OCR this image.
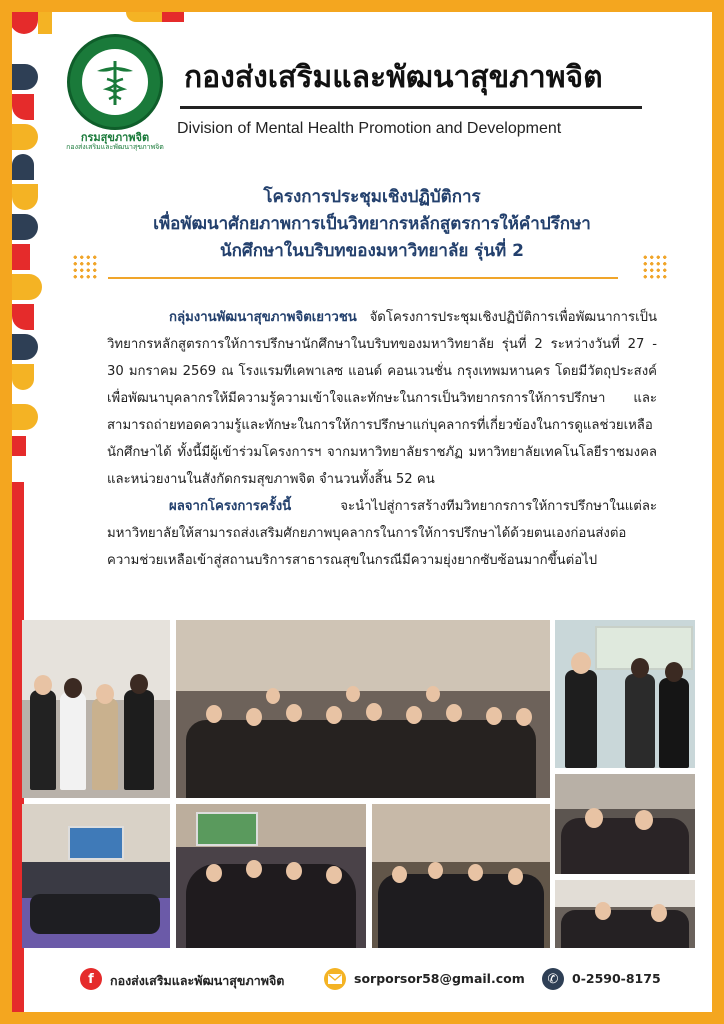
กรมสุขภาพจิต
กองส่งเสริมและพัฒนาสุขภาพจิต
กองส่งเสริมและพัฒนาสุขภาพจิต
Division of Mental Health Promotion and Development
โครงการประชุมเชิงปฏิบัติการ
เพื่อพัฒนาศักยภาพการเป็นวิทยากรหลักสูตรการให้คำปรึกษา
นักศึกษาในบริบทของมหาวิทยาลัย รุ่นที่ 2

กลุ่มงานพัฒนาสุขภาพจิตเยาวชน จัดโครงการประชุมเชิงปฏิบัติการเพื่อพัฒนาการเป็นวิทยากรหลักสูตรการให้การปรึกษานักศึกษาในบริบทของมหาวิทยาลัย รุ่นที่ 2 ระหว่างวันที่ 27 - 30 มกราคม 2569 ณ โรงแรมทีเคพาเลซ แอนด์ คอนเวนชั่น กรุงเทพมหานคร โดยมีวัตถุประสงค์เพื่อพัฒนาบุคลากรให้มีความรู้ความเข้าใจและทักษะในการเป็นวิทยากรการให้การปรึกษา และสามารถถ่ายทอดความรู้และทักษะในการให้การปรึกษาแก่บุคลากรที่เกี่ยวข้องในการดูแลช่วยเหลือนักศึกษาได้ ทั้งนี้มีผู้เข้าร่วมโครงการฯ จากมหาวิทยาลัยราชภัฏ มหาวิทยาลัยเทคโนโลยีราชมงคล และหน่วยงานในสังกัดกรมสุขภาพจิต จำนวนทั้งสิ้น 52 คน

ผลจากโครงการครั้งนี้ จะนำไปสู่การสร้างทีมวิทยากรการให้การปรึกษาในแต่ละมหาวิทยาลัยให้สามารถส่งเสริมศักยภาพบุคลากรในการให้การปรึกษาได้ด้วยตนเองก่อนส่งต่อความช่วยเหลือเข้าสู่สถานบริการสาธารณสุขในกรณีมีความยุ่งยากซับซ้อนมากขึ้นต่อไป

f	กองส่งเสริมและพัฒนาสุขภาพจิต	sorporsor58@gmail.com	✆	0-2590-8175
